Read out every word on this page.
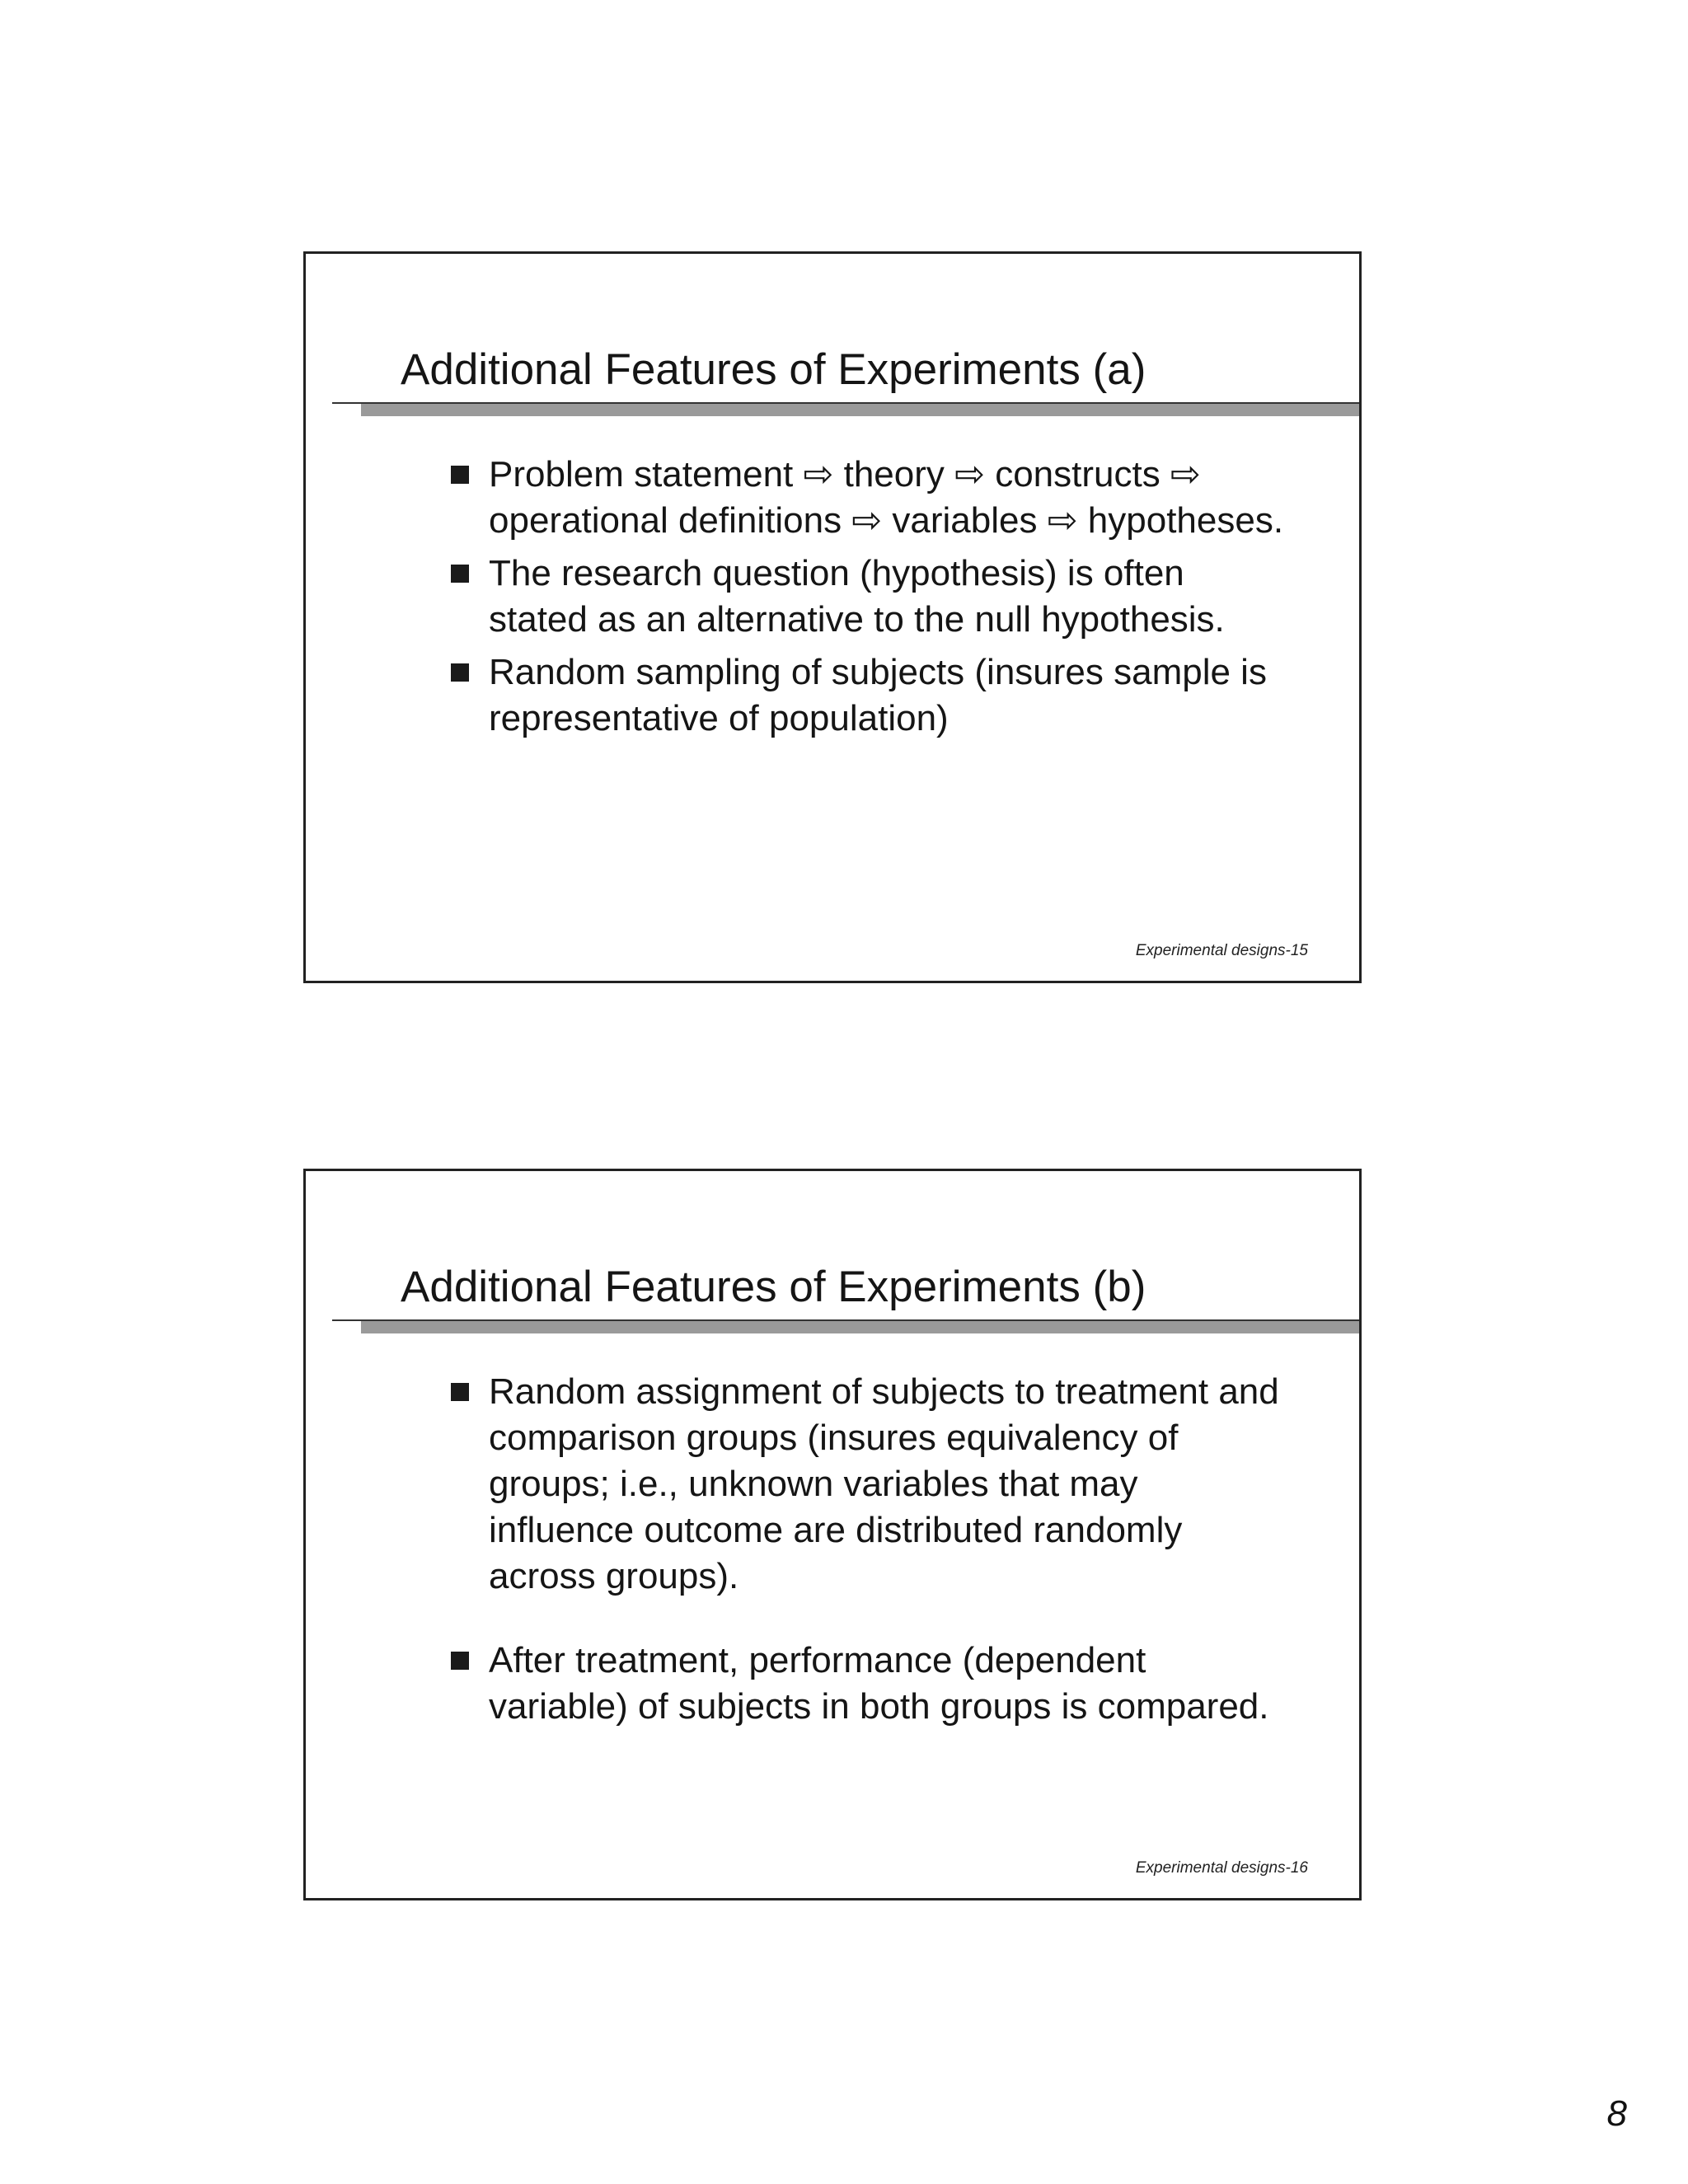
Additional Features of Experiments (a)
Problem statement ⇨ theory ⇨ constructs ⇨ operational definitions ⇨ variables ⇨ hypotheses.
The research question (hypothesis) is often stated as an alternative to the null hypothesis.
Random sampling of subjects (insures sample is representative of population)
Experimental designs-15
Additional Features of Experiments (b)
Random assignment of subjects to treatment and comparison groups (insures equivalency of groups; i.e., unknown variables that may influence outcome are distributed randomly across groups).
After treatment, performance (dependent variable) of subjects in both groups is compared.
Experimental designs-16
8
